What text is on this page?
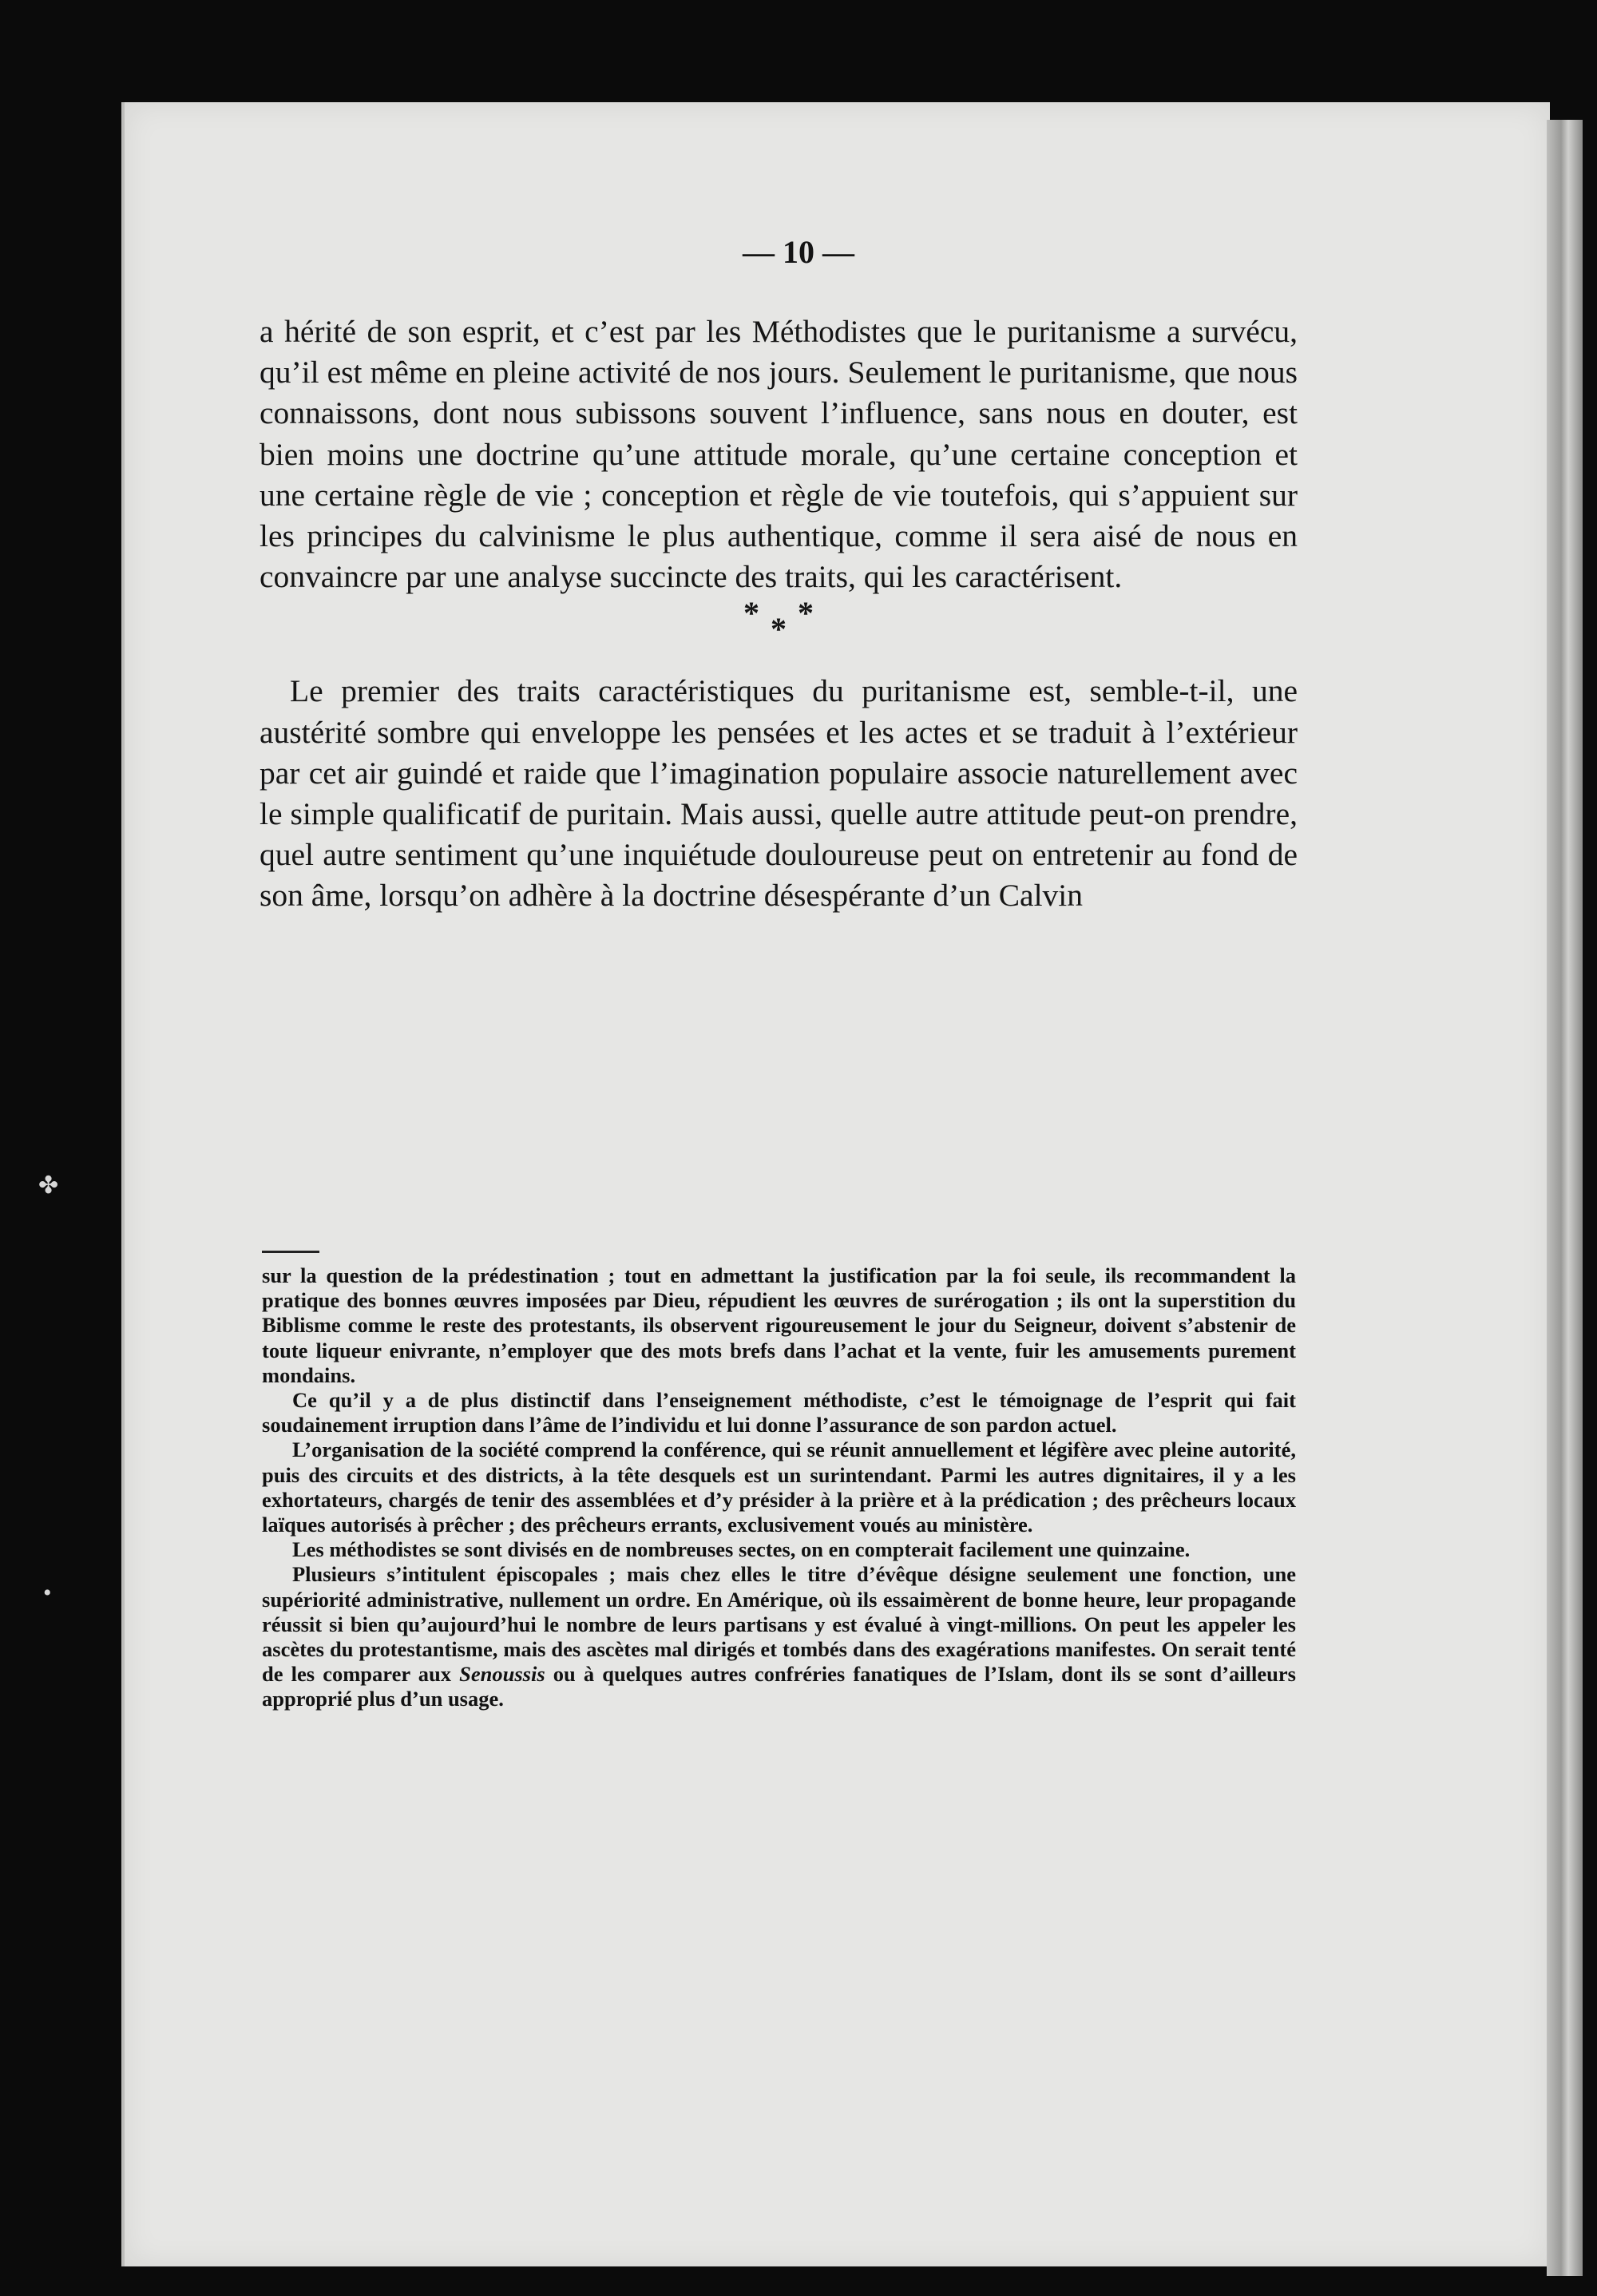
✤
•
— 10 —

a hérité de son esprit, et c’est par les Méthodistes que le puritanisme a survécu, qu’il est même en pleine activité de nos jours. Seulement le puritanisme, que nous connaissons, dont nous subissons souvent l’influence, sans nous en douter, est bien moins une doctrine qu’une attitude morale, qu’une certaine conception et une certaine règle de vie ; conception et règle de vie toutefois, qui s’appuient sur les principes du calvinisme le plus authentique, comme il sera aisé de nous en convaincre par une analyse succincte des traits, qui les caractérisent.

* * *

Le premier des traits caractéristiques du puritanisme est, semble-t-il, une austérité sombre qui enveloppe les pensées et les actes et se traduit à l’extérieur par cet air guindé et raide que l’imagination populaire associe naturellement avec le simple qualificatif de puritain. Mais aussi, quelle autre attitude peut-on prendre, quel autre sentiment qu’une inquiétude douloureuse peut on entretenir au fond de son âme, lorsqu’on adhère à la doctrine désespérante d’un Calvin

sur la question de la prédestination ; tout en admettant la justification par la foi seule, ils recommandent la pratique des bonnes œuvres imposées par Dieu, répudient les œuvres de surérogation ; ils ont la superstition du Biblisme comme le reste des protestants, ils observent rigoureusement le jour du Seigneur, doivent s’abstenir de toute liqueur enivrante, n’employer que des mots brefs dans l’achat et la vente, fuir les amusements purement mondains.

Ce qu’il y a de plus distinctif dans l’enseignement méthodiste, c’est le témoignage de l’esprit qui fait soudainement irruption dans l’âme de l’individu et lui donne l’assurance de son pardon actuel.

L’organisation de la société comprend la conférence, qui se réunit annuellement et légifère avec pleine autorité, puis des circuits et des districts, à la tête desquels est un surintendant. Parmi les autres dignitaires, il y a les exhortateurs, chargés de tenir des assemblées et d’y présider à la prière et à la prédication ; des prêcheurs locaux laïques autorisés à prêcher ; des prêcheurs errants, exclusivement voués au ministère.

Les méthodistes se sont divisés en de nombreuses sectes, on en compterait facilement une quinzaine.

Plusieurs s’intitulent épiscopales ; mais chez elles le titre d’évêque désigne seulement une fonction, une supériorité administrative, nullement un ordre. En Amérique, où ils essaimèrent de bonne heure, leur propagande réussit si bien qu’aujourd’hui le nombre de leurs partisans y est évalué à vingt-millions. On peut les appeler les ascètes du protestantisme, mais des ascètes mal dirigés et tombés dans des exagérations manifestes. On serait tenté de les comparer aux Senoussis ou à quelques autres confréries fanatiques de l’Islam, dont ils se sont d’ailleurs approprié plus d’un usage.
